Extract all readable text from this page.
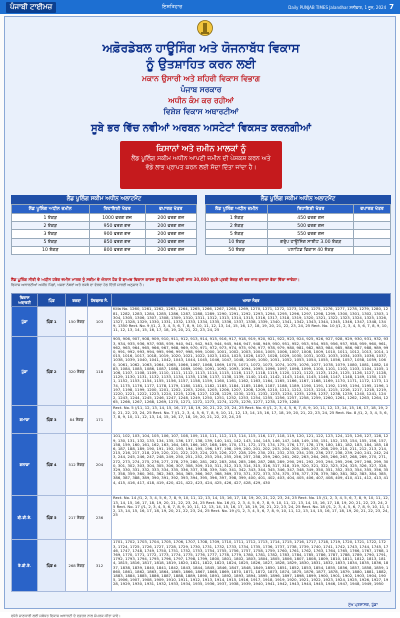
ਪੰਜਾਬੀ ਟਾਈਮਜ਼	ਇਸ਼ਤਿਹਾਰ	Daily PUNJAB TIMES Jalandhar ਸ਼ਨੀਵਾਰ, 1 ਜੂਨ, 2024 7
ਅਫ਼ੋਰਡੇਬਲ ਹਾਊਸਿੰਗ ਅਤੇ ਯੋਜਨਾਬੱਧ ਵਿਕਾਸ
ਨੂੰ ਉਤਸ਼ਾਹਿਤ ਕਰਨ ਲਈ
ਮਕਾਨ ਉਸਾਰੀ ਅਤੇ ਸ਼ਹਿਰੀ ਵਿਕਾਸ ਵਿਭਾਗ
ਪੰਜਾਬ ਸਰਕਾਰ
ਅਧੀਨ ਕੰਮ ਕਰ ਰਹੀਆਂ
ਵਿਸ਼ੇਸ਼ ਵਿਕਾਸ ਅਥਾਰਟੀਆਂ
ਸੂਬੇ ਭਰ ਵਿੱਚ ਨਵੀਆਂ ਅਰਬਨ ਅਸਟੇਟਾਂ ਵਿਕਸਤ ਕਰਨਗੀਆਂ
ਕਿਸਾਨਾਂ ਅਤੇ ਜ਼ਮੀਨ ਮਾਲਕਾਂ ਨੂੰ
ਲੈਂਡ ਪੂਲਿੰਗ ਸਕੀਮ ਅਧੀਨ ਆਪਣੀ ਜ਼ਮੀਨ ਦੀ ਪੇਸ਼ਕਸ਼ ਕਰਨ ਅਤੇ
ਵੱਡੇ ਲਾਭ ਪ੍ਰਾਪਤ ਕਰਨ ਲਈ ਸੱਦਾ ਦਿੱਤਾ ਜਾਂਦਾ ਹੈ।
ਲੈਂਡ ਪੂਲਿੰਗ ਸਕੀਮ ਅਧੀਨ ਅਲਾਟਮੈਂਟ
ਲੈਂਡ ਪੂਲਿੰਗ ਅਧੀਨ ਜ਼ਮੀਨ	ਰਿਹਾਇਸ਼ੀ ਖੇਤਰ	ਵਪਾਰਕ ਖੇਤਰ
1 ਏਕੜ	1000 ਵਰਗ ਗਜ਼	200 ਵਰਗ ਗਜ਼
2 ਏਕੜ	950 ਵਰਗ ਗਜ਼	200 ਵਰਗ ਗਜ਼
3 ਏਕੜ	900 ਵਰਗ ਗਜ਼	200 ਵਰਗ ਗਜ਼
5 ਏਕੜ	850 ਵਰਗ ਗਜ਼	200 ਵਰਗ ਗਜ਼
10 ਏਕੜ	800 ਵਰਗ ਗਜ਼	200 ਵਰਗ ਗਜ਼
ਲੈਂਡ ਪੂਲਿੰਗ ਸਕੀਮ ਅਧੀਨ ਅਲਾਟਮੈਂਟ
ਲੈਂਡ ਪੂਲਿੰਗ ਅਧੀਨ ਜ਼ਮੀਨ	ਰਿਹਾਇਸ਼ੀ ਖੇਤਰ	ਵਪਾਰਕ ਖੇਤਰ
1 ਏਕੜ	450 ਵਰਗ ਗਜ਼	
2 ਏਕੜ	500 ਵਰਗ ਗਜ਼	
5 ਏਕੜ	550 ਵਰਗ ਗਜ਼	
10 ਏਕੜ	ਗਰੁੱਪ ਹਾਊਸਿੰਗ ਸਾਈਟ 3.00 ਏਕੜ	
50 ਏਕੜ	ਪਲਾਟਿਡ ਵਿਕਾਸ 40 ਏਕੜ	

ਲੈਂਡ ਪੂਲਿੰਗ ਨੀਤੀ ਦੇ ਅਧੀਨ ਹਰੇਕ ਜ਼ਮੀਨ ਮਾਲਕ ਨੂੰ ਸਕੀਮ ਦੇ ਐਲਾਨ ਹੋਣ ਤੋਂ ਬਾਅਦ ਵਿਕਾਸ ਕਾਰਜ ਸ਼ੁਰੂ ਹੋਣ ਤੱਕ ਪ੍ਰਤੀ ਸਾਲ 30,000 ਰੁਪਏ ਪ੍ਰਤੀ ਏਕੜ ਦੀ ਦਰ ਨਾਲ ਗੁਜ਼ਾਰਾ ਭੱਤਾ ਦਿੱਤਾ ਜਾਵੇਗਾ।

ਵਿਕਾਸ ਅਥਾਰਟੀਆਂ ਅਧੀਨ ਪਿੰਡਾਂ, ਖਸਰਾ ਨੰਬਰਾਂ ਅਤੇ ਰਕਬੇ ਦਾ ਵੇਰਵਾ ਹੇਠ ਦਿੱਤੀ ਸਾਰਣੀ ਅਨੁਸਾਰ ਹੈ।

ਵਿਕਾਸ ਅਥਾਰਟੀ	ਪਿੰਡ	ਰਕਬਾ	ਹੱਦਬਸਤ ਨੰ.	ਖਸਰਾ ਨੰਬਰ
ਪੁੱਡਾ	ਪਿੰਡ 1	150 ਏਕੜ	103	Killa No. 1260, 1261, 1262, 1263, 1264, 1265, 1266, 1267, 1268, 1269, 1270, 1271, 1272, 1273, 1274, 1275, 1276, 1277, 1278, 1279, 1280, 1281, 1282, 1283, 1284, 1285, 1286, 1287, 1288, 1289, 1290, 1291, 1292, 1293, 1294, 1295, 1296, 1297, 1298, 1299, 1300, 1301, 1302, 1303, 1304, 1305, 1306, 1307, 1308, 1309, 1310, 1311, 1312, 1313, 1314, 1315, 1316, 1317, 1318, 1319, 1320, 1321, 1322, 1323, 1324, 1325, 1326, 1327, 1328, 1329, 1330, 1331, 1332, 1333, 1334, 1335, 1336, 1337, 1338, 1339, 1340, 1341, 1342, 1343, 1344, 1345, 1346, 1347, 1348, 1349, 1350 Rect. No. 9 //1, 2, 3, 4, 5, 6, 7, 8, 9, 10, 11, 12, 13, 14, 15, 16, 17, 18, 19, 20, 21, 22, 23, 24, 25 Rect. No. 10 //1, 2, 3, 4, 5, 6, 7, 8, 9, 10, 11, 12, 13, 14, 15, 16, 17, 18, 19, 20, 21, 22, 23, 24, 25

ਪੁੱਡਾ	ਪਿੰਡ 2	320 ਏਕੜ	118	905, 906, 907, 908, 909, 910, 911, 912, 913, 914, 915, 916, 917, 918, 919, 920, 921, 922, 923, 924, 925, 926, 927, 928, 929, 930, 931, 932, 933, 934, 935, 936, 937, 938, 939, 940, 941, 942, 943, 944, 945, 946, 947, 948, 949, 950, 951, 952, 953, 954, 955, 956, 957, 958, 959, 960, 961, 962, 963, 964, 965, 966, 967, 968, 969, 970, 971, 972, 973, 974, 975, 976, 977, 978, 979, 980, 981, 982, 983, 984, 985, 986, 987, 988, 989, 990, 991, 992, 993, 994, 995, 996, 997, 998, 999, 1000, 1001, 1002, 1003, 1004, 1005, 1006, 1007, 1008, 1009, 1010, 1011, 1012, 1013, 1014, 1015, 1016, 1017, 1018, 1019, 1020, 1021, 1022, 1023, 1024, 1025, 1026, 1027, 1028, 1029, 1030, 1031, 1032, 1033, 1034, 1035, 1036, 1037, 1038, 1039, 1040, 1041, 1042, 1043, 1044, 1045, 1046, 1047, 1048, 1049, 1050, 1051, 1052, 1053, 1054, 1055, 1056, 1057, 1058, 1059, 1060, 1061, 1062, 1063, 1064, 1065, 1066, 1067, 1068, 1069, 1070, 1071, 1072, 1073, 1074, 1075, 1076, 1077, 1078, 1079, 1080, 1081, 1082, 1083, 1084, 1085, 1086, 1087, 1088, 1089, 1090, 1091, 1092, 1093, 1094, 1095, 1096, 1097, 1098, 1099, 1100, 1101, 1102, 1103, 1104, 1105, 1106, 1107, 1108, 1109, 1110, 1111, 1112, 1113, 1114, 1115, 1116, 1117, 1118, 1119, 1120, 1121, 1122, 1123, 1124, 1125, 1126, 1127, 1128, 1129, 1130, 1131, 1132, 1133, 1134, 1135, 1136, 1137, 1138, 1139, 1140, 1141, 1142, 1143, 1144, 1145, 1146, 1147, 1148, 1149, 1150, 1151, 1152, 1153, 1154, 1155, 1156, 1157, 1158, 1159, 1160, 1161, 1162, 1163, 1164, 1165, 1166, 1167, 1168, 1169, 1170, 1171, 1172, 1173, 1174, 1175, 1176, 1177, 1178, 1179, 1180, 1181, 1182, 1183, 1184, 1185, 1186, 1187, 1188, 1189, 1190, 1191, 1192, 1193, 1194, 1195, 1196, 1197, 1198, 1199, 1200, 1201, 1202, 1203, 1204, 1205, 1206, 1207, 1208, 1209, 1210, 1211, 1212, 1213, 1214, 1215, 1216, 1217, 1218, 1219, 1220, 1221, 1222, 1223, 1224, 1225, 1226, 1227, 1228, 1229, 1230, 1231, 1232, 1233, 1234, 1235, 1236, 1237, 1238, 1239, 1240, 1241, 1242, 1243, 1244, 1245, 1246, 1247, 1248, 1249, 1250, 1251, 1252, 1253, 1254, 1255, 1256, 1257, 1258, 1259, 1260, 1261, 1262, 1263, 1264, 1265, 1266, 1267, 1268, 1269, 1270, 1271, 1272, 1273, 1274, 1275, 1276, 1277, 1278, 1279, 1280

ਗਮਾਡਾ	ਪਿੰਡ 3	84 ਏਕੜ	171	Rect. No. 5 //11, 12, 13, 14, 15, 16, 17, 18, 19, 20, 21, 22, 23, 24, 25 Rect. No. 6 //1, 2, 3, 4, 5, 6, 7, 8, 9, 10, 11, 12, 13, 14, 15, 16, 17, 18, 19, 20, 21, 22, 23, 24, 25 Rect. No. 7 //1, 2, 3, 4, 5, 6, 7, 8, 9, 10, 11, 12, 13, 14, 15, 16, 17, 18, 19, 20, 21, 22, 23, 24, 25 Rect. No. 8 //1, 2, 3, 4, 5, 6, 7, 8, 9, 10, 11, 12, 13, 14, 15, 16, 17, 18, 19, 20, 21, 22, 23, 24, 25

ਗਲਾਡਾ	ਪਿੰਡ 4	512 ਏਕੜ	204	101, 102, 103, 104, 105, 106, 107, 108, 109, 110, 111, 112, 113, 114, 115, 116, 117, 118, 119, 120, 121, 122, 123, 124, 125, 126, 127, 128, 129, 130, 131, 132, 133, 134, 135, 136, 137, 138, 139, 140, 141, 142, 143, 144, 145, 146, 147, 148, 149, 150, 151, 152, 153, 154, 155, 156, 157, 158, 159, 160, 161, 162, 163, 164, 165, 166, 167, 168, 169, 170, 171, 172, 173, 174, 175, 176, 177, 178, 179, 180, 181, 182, 183, 184, 185, 186, 187, 188, 189, 190, 191, 192, 193, 194, 195, 196, 197, 198, 199, 200, 201, 202, 203, 204, 205, 206, 207, 208, 209, 210, 211, 212, 213, 214, 215, 216, 217, 218, 219, 220, 221, 222, 223, 224, 225, 226, 227, 228, 229, 230, 231, 232, 233, 234, 235, 236, 237, 238, 239, 240, 241, 242, 243, 244, 245, 246, 247, 248, 249, 250, 251, 252, 253, 254, 255, 256, 257, 258, 259, 260, 261, 262, 263, 264, 265, 266, 267, 268, 269, 270, 271, 272, 273, 274, 275, 276, 277, 278, 279, 280, 281, 282, 283, 284, 285, 286, 287, 288, 289, 290, 291, 292, 293, 294, 295, 296, 297, 298, 299, 300, 301, 302, 303, 304, 305, 306, 307, 308, 309, 310, 311, 312, 313, 314, 315, 316, 317, 318, 319, 320, 321, 322, 323, 324, 325, 326, 327, 328, 329, 330, 331, 332, 333, 334, 335, 336, 337, 338, 339, 340, 341, 342, 343, 344, 345, 346, 347, 348, 349, 350, 351, 352, 353, 354, 355, 356, 357, 358, 359, 360, 361, 362, 363, 364, 365, 366, 367, 368, 369, 370, 371, 372, 373, 374, 375, 376, 377, 378, 379, 380, 381, 382, 383, 384, 385, 386, 387, 388, 389, 390, 391, 392, 393, 394, 395, 396, 397, 398, 399, 400, 401, 402, 403, 404, 405, 406, 407, 408, 409, 410, 411, 412, 413, 414, 415, 416, 417, 418, 419, 420, 421, 422, 423, 424, 425, 426, 427, 428, 429, 430

ਬੀ.ਡੀ.ਏ.	ਪਿੰਡ 5	217 ਏਕੜ	236	Rect. No. 14 //1, 2, 3, 4, 5, 6, 7, 8, 9, 10, 11, 12, 13, 14, 15, 16, 17, 18, 19, 20, 21, 22, 23, 24, 25 Rect. No. 15 //1, 2, 3, 4, 5, 6, 7, 8, 9, 10, 11, 12, 13, 14, 15, 16, 17, 18, 19, 20, 21, 22, 23, 24, 25 Rect. No. 16 //1, 2, 3, 4, 5, 6, 7, 8, 9, 10, 11, 12, 13, 14, 15, 16, 17, 18, 19, 20, 21, 22, 23, 24, 25 Rect. No. 17 //1, 2, 3, 4, 5, 6, 7, 8, 9, 10, 11, 12, 13, 14, 15, 16, 17, 18, 19, 20, 21, 22, 23, 24, 25 Rect. No. 18 //1, 2, 3, 4, 5, 6, 7, 8, 9, 10, 11, 12, 13, 14, 15, 16, 17, 18, 19, 20, 21, 22, 23, 24, 25 Rect. No. 19 //1, 2, 3, 4, 5, 6, 7, 8, 9, 10, 11, 12, 13, 14, 15, 16, 17, 18, 19, 20, 21, 22, 23, 24, 25

ਏ.ਡੀ.ਏ.	ਪਿੰਡ 6	268 ਏਕੜ	312	1701, 1702, 1703, 1704, 1705, 1706, 1707, 1708, 1709, 1710, 1711, 1712, 1713, 1714, 1715, 1716, 1717, 1718, 1719, 1720, 1721, 1722, 1723, 1724, 1725, 1726, 1727, 1728, 1729, 1730, 1731, 1732, 1733, 1734, 1735, 1736, 1737, 1738, 1739, 1740, 1741, 1742, 1743, 1744, 1745, 1746, 1747, 1748, 1749, 1750, 1751, 1752, 1753, 1754, 1755, 1756, 1757, 1758, 1759, 1760, 1761, 1762, 1763, 1764, 1765, 1766, 1767, 1768, 1769, 1770, 1771, 1772, 1773, 1774, 1775, 1776, 1777, 1778, 1779, 1780, 1781, 1782, 1783, 1784, 1785, 1786, 1787, 1788, 1789, 1790, 1791, 1792, 1793, 1794, 1795, 1796, 1797, 1798, 1799, 1800, 1801, 1802, 1803, 1804, 1805, 1806, 1807, 1808, 1809, 1810, 1811, 1812, 1813, 1814, 1815, 1816, 1817, 1818, 1819, 1820, 1821, 1822, 1823, 1824, 1825, 1826, 1827, 1828, 1829, 1830, 1831, 1832, 1833, 1834, 1835, 1836, 1837, 1838, 1839, 1840, 1841, 1842, 1843, 1844, 1845, 1846, 1847, 1848, 1849, 1850, 1851, 1852, 1853, 1854, 1855, 1856, 1857, 1858, 1859, 1860, 1861, 1862, 1863, 1864, 1865, 1866, 1867, 1868, 1869, 1870, 1871, 1872, 1873, 1874, 1875, 1876, 1877, 1878, 1879, 1880, 1881, 1882, 1883, 1884, 1885, 1886, 1887, 1888, 1889, 1890, 1891, 1892, 1893, 1894, 1895, 1896, 1897, 1898, 1899, 1900, 1901, 1902, 1903, 1904, 1905, 1906, 1907, 1908, 1909, 1910, 1911, 1912, 1913, 1914, 1915, 1916, 1917, 1918, 1919, 1920, 1921, 1922, 1923, 1924, 1925, 1926, 1927, 1928, 1929, 1930, 1931, 1932, 1933, 1934, 1935, 1936, 1937, 1938, 1939, 1940, 1941, 1942, 1943, 1944, 1945, 1946, 1947, 1948, 1949, 1950
ਵਧੇਰੇ ਜਾਣਕਾਰੀ ਲਈ ਸਬੰਧਤ ਵਿਕਾਸ ਅਥਾਰਟੀ ਦੇ ਦਫ਼ਤਰ ਨਾਲ ਸੰਪਰਕ ਕੀਤਾ ਜਾਵੇ।
ਮੁੱਖ ਪ੍ਰਸ਼ਾਸਕ, ਪੁੱਡਾ
